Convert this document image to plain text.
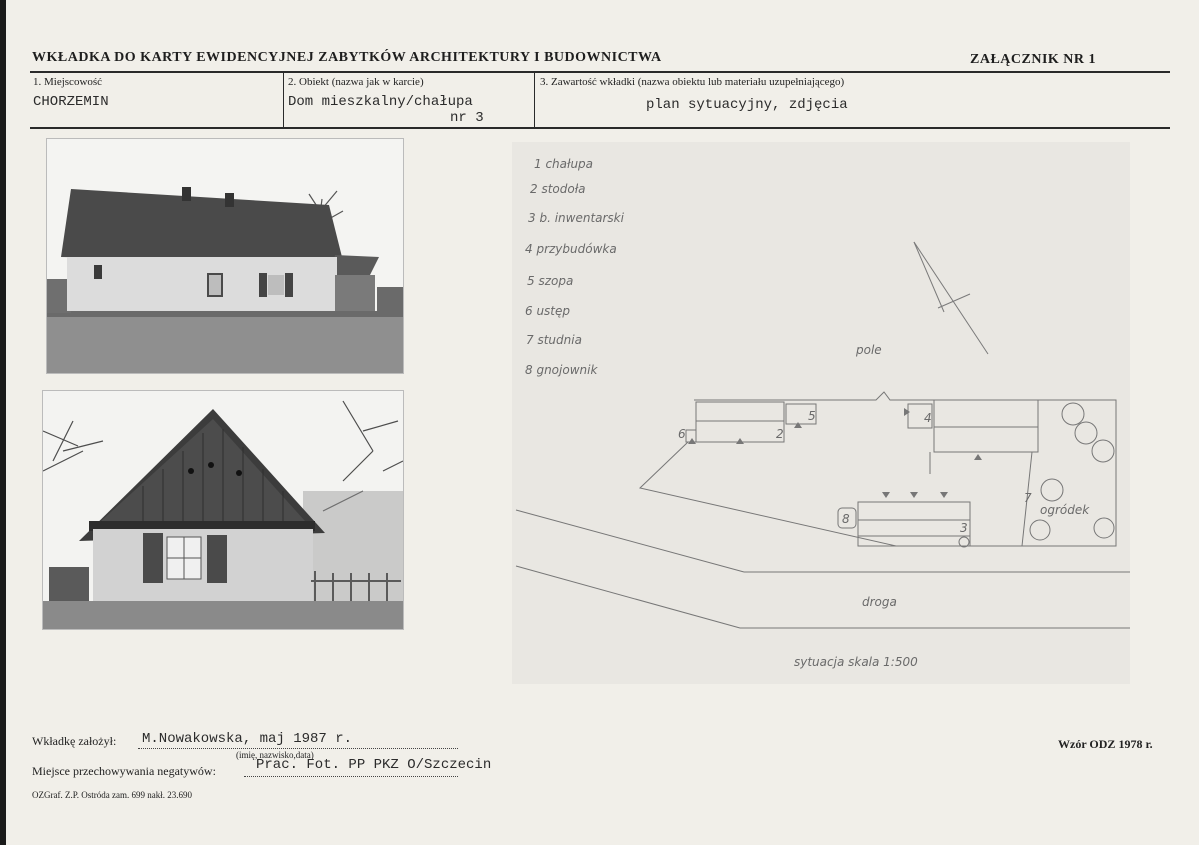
WKŁADKA DO KARTY EWIDENCYJNEJ ZABYTKÓW ARCHITEKTURY I BUDOWNICTWA	ZAŁĄCZNIK NR 1
1. Miejscowość
CHORZEMIN
2. Obiekt (nazwa jak w karcie)
Dom mieszkalny/chałupa
nr 3
3. Zawartość wkładki (nazwa obiektu lub materiału uzupełniającego)
plan sytuacyjny, zdjęcia
1 chałupa
2 stodoła
3 b. inwentarski
4 przybudówka
5 szopa
6 ustęp
7 studnia
8 gnojownik
pole
6	2
5	4
3
8
7
ogródek
droga
sytuacja skala 1:500
Wkładkę założył: M.Nowakowska, maj 1987 r.
(imię, nazwisko,data)
Miejsce przechowywania negatywów:	Prac. Fot. PP PKZ O/Szczecin
Wzór ODZ 1978 r.
OZGraf. Z.P. Ostróda zam. 699 nakł. 23.690
